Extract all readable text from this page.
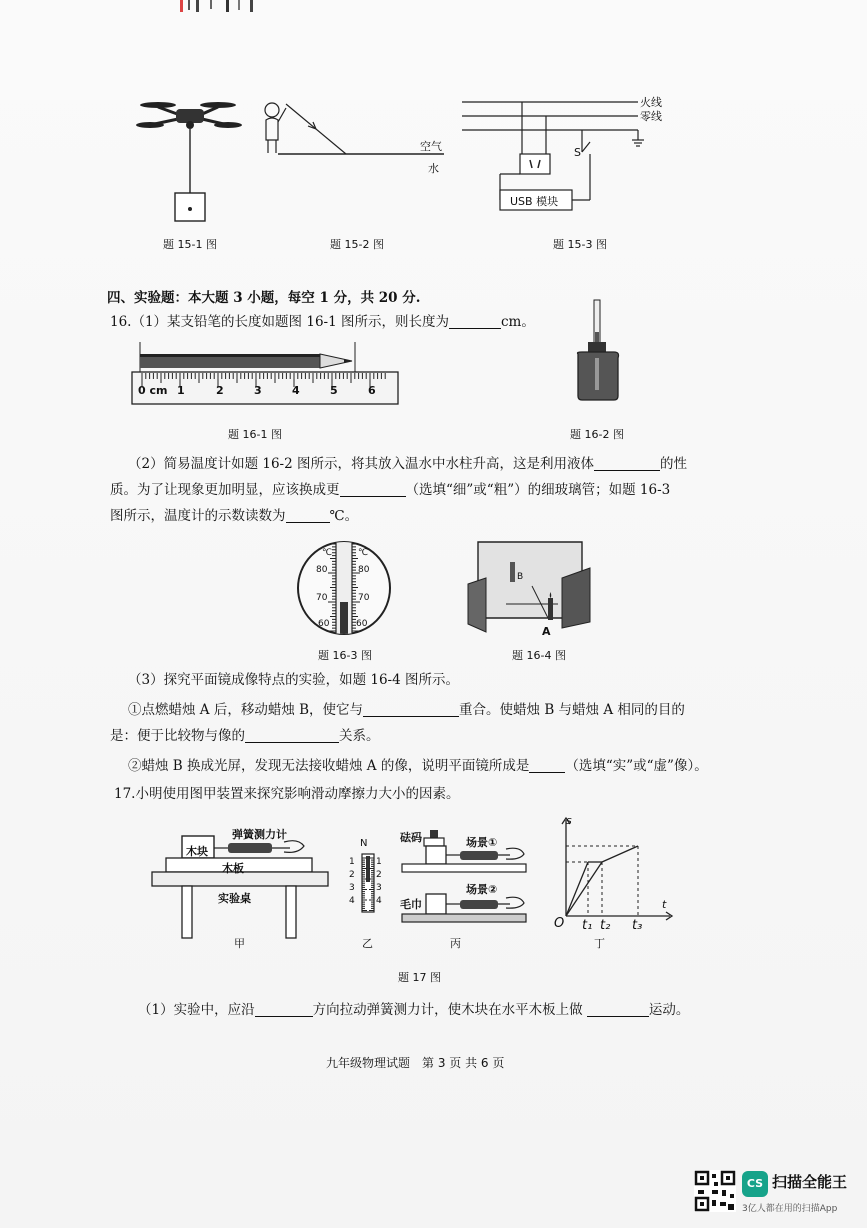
题 15-1 图
空气
水
题 15-2 图
火线
零线
S
USB 模块
题 15-3 图
四、实验题：本大题 3 小题，每空 1 分，共 20 分.
16.（1）某支铅笔的长度如题图 16-1 图所示，则长度为	cm。
0 cm 1	2	3	4	5	6
题 16-1 图	题 16-2 图
（2）简易温度计如题 16-2 图所示，将其放入温水中水柱升高，这是利用液体	的性
质。为了让现象更加明显，应该换成更	（选填“细”或“粗”）的细玻璃管；如题 16-3
图所示，温度计的示数读数为	℃。
℃	℃
80	80
70	70
60	60
题 16-3 图
A
B
题 16-4 图
（3）探究平面镜成像特点的实验，如题 16-4 图所示。
①点燃蜡烛 A 后，移动蜡烛 B，使它与	重合。使蜡烛 B 与蜡烛 A 相同的目的
是：便于比较物与像的	关系。
②蜡烛 B 换成光屏，发现无法接收蜡烛 A 的像，说明平面镜所成是	（选填“实”或“虚”像）。
17.小明使用图甲装置来探究影响滑动摩擦力大小的因素。
木块
弹簧测力计
木板
实验桌
甲
N
1
2
3
4
1
2
3
4
乙
砝码	场景①
场景②
毛巾
丙
s
t
O t₁ t₂ t₃
丁
题 17 图
（1）实验中，应沿	方向拉动弹簧测力计，使木块在水平木板上做	运动。
九年级物理试题　第 3 页 共 6 页
CS 扫描全能王
3亿人都在用的扫描App
